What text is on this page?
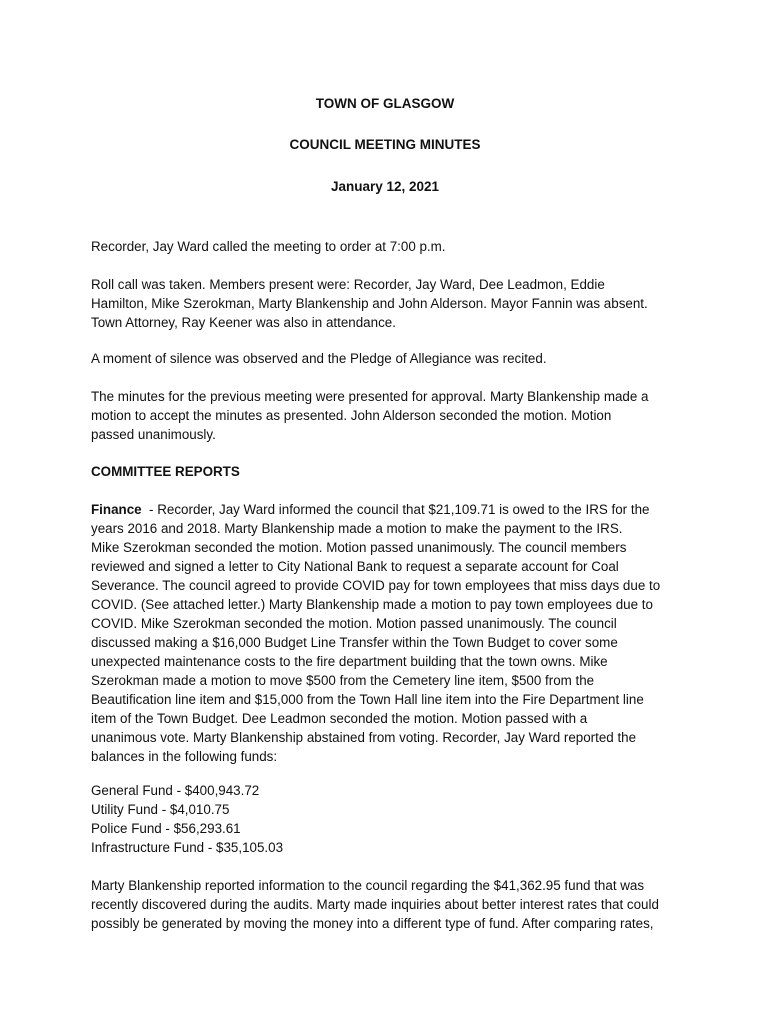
TOWN OF GLASGOW
COUNCIL MEETING MINUTES
January 12, 2021
Recorder, Jay Ward called the meeting to order at 7:00 p.m.
Roll call was taken. Members present were: Recorder, Jay Ward, Dee Leadmon, Eddie
Hamilton, Mike Szerokman, Marty Blankenship and John Alderson. Mayor Fannin was absent.
Town Attorney, Ray Keener was also in attendance.
A moment of silence was observed and the Pledge of Allegiance was recited.
The minutes for the previous meeting were presented for approval. Marty Blankenship made a
motion to accept the minutes as presented. John Alderson seconded the motion. Motion
passed unanimously.
COMMITTEE REPORTS
Finance  - Recorder, Jay Ward informed the council that $21,109.71 is owed to the IRS for the
years 2016 and 2018. Marty Blankenship made a motion to make the payment to the IRS.
Mike Szerokman seconded the motion. Motion passed unanimously. The council members
reviewed and signed a letter to City National Bank to request a separate account for Coal
Severance. The council agreed to provide COVID pay for town employees that miss days due to
COVID. (See attached letter.) Marty Blankenship made a motion to pay town employees due to
COVID. Mike Szerokman seconded the motion. Motion passed unanimously. The council
discussed making a $16,000 Budget Line Transfer within the Town Budget to cover some
unexpected maintenance costs to the fire department building that the town owns. Mike
Szerokman made a motion to move $500 from the Cemetery line item, $500 from the
Beautification line item and $15,000 from the Town Hall line item into the Fire Department line
item of the Town Budget. Dee Leadmon seconded the motion. Motion passed with a
unanimous vote. Marty Blankenship abstained from voting. Recorder, Jay Ward reported the
balances in the following funds:
General Fund - $400,943.72
Utility Fund - $4,010.75
Police Fund - $56,293.61
Infrastructure Fund - $35,105.03
Marty Blankenship reported information to the council regarding the $41,362.95 fund that was
recently discovered during the audits. Marty made inquiries about better interest rates that could
possibly be generated by moving the money into a different type of fund. After comparing rates,
